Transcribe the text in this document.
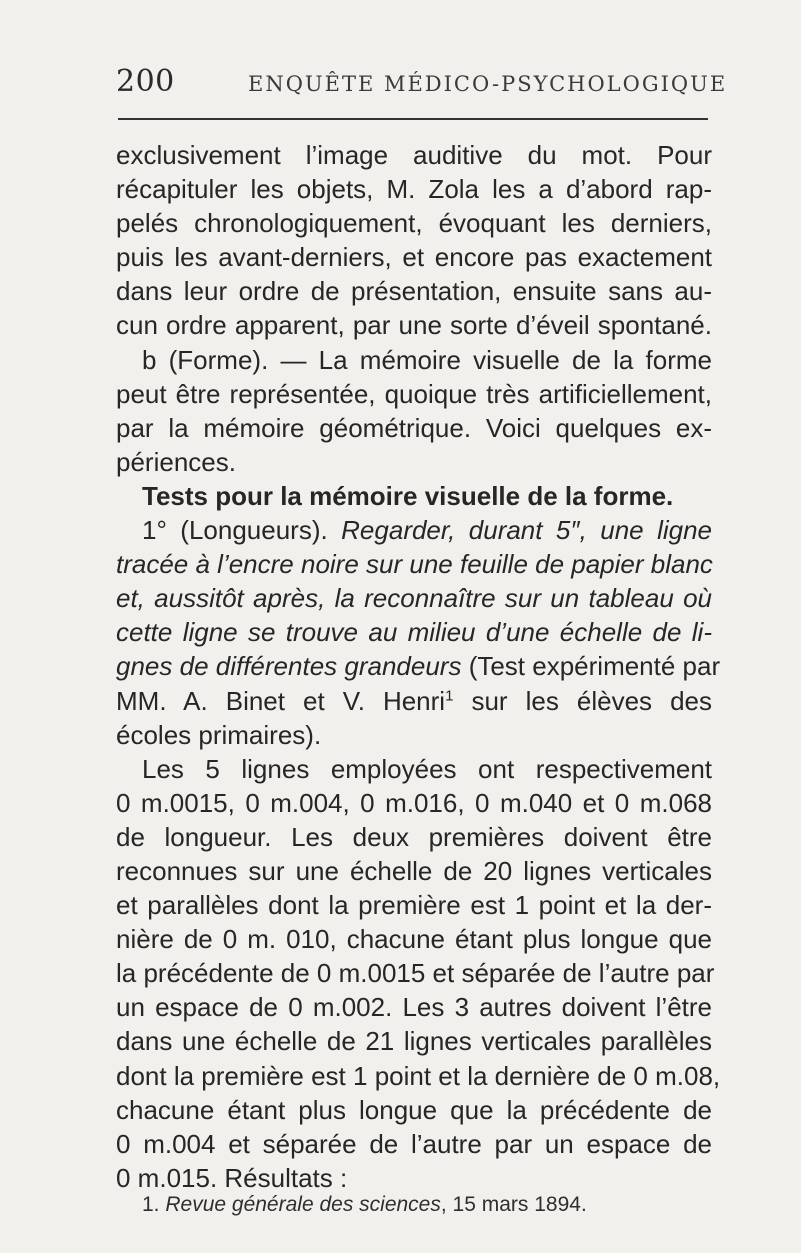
200	ENQUÊTE MÉDICO-PSYCHOLOGIQUE
exclusivement l’image auditive du mot. Pour
récapituler les objets, M. Zola les a d’abord rap-
pelés chronologiquement, évoquant les derniers,
puis les avant-derniers, et encore pas exactement
dans leur ordre de présentation, ensuite sans au-
cun ordre apparent, par une sorte d’éveil spontané.
b (Forme). — La mémoire visuelle de la forme
peut être représentée, quoique très artificiellement,
par la mémoire géométrique. Voici quelques ex-
périences.
Tests pour la mémoire visuelle de la forme.
1° (Longueurs). Regarder, durant 5″, une ligne
tracée à l’encre noire sur une feuille de papier blanc
et, aussitôt après, la reconnaître sur un tableau où
cette ligne se trouve au milieu d’une échelle de li-
gnes de différentes grandeurs (Test expérimenté par
MM. A. Binet et V. Henri$^1$ sur les élèves des
écoles primaires).
Les 5 lignes employées ont respectivement
0 m.0015, 0 m.004, 0 m.016, 0 m.040 et 0 m.068
de longueur. Les deux premières doivent être
reconnues sur une échelle de 20 lignes verticales
et parallèles dont la première est 1 point et la der-
nière de 0 m. 010, chacune étant plus longue que
la précédente de 0 m.0015 et séparée de l’autre par
un espace de 0 m.002. Les 3 autres doivent l’être
dans une échelle de 21 lignes verticales parallèles
dont la première est 1 point et la dernière de 0 m.08,
chacune étant plus longue que la précédente de
0 m.004 et séparée de l’autre par un espace de
0 m.015. Résultats :
1. Revue générale des sciences, 15 mars 1894.
